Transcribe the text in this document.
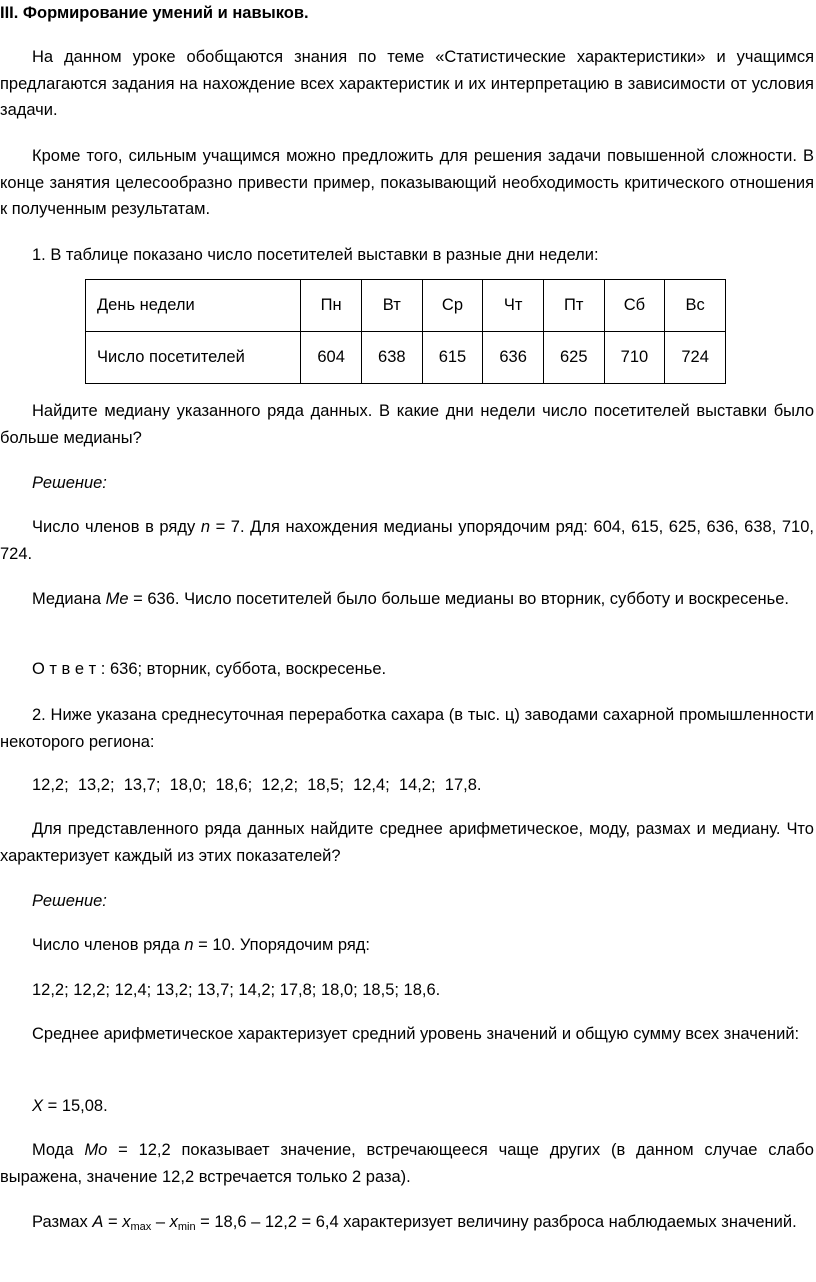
III. Формирование умений и навыков.

На данном уроке обобщаются знания по теме «Статистические характеристики» и учащимся предлагаются задания на нахождение всех характеристик и их интерпретацию в зависимости от условия задачи.

Кроме того, сильным учащимся можно предложить для решения задачи повышенной сложности. В конце занятия целесообразно привести пример, показывающий необходимость критического отношения к полученным результатам.

1. В таблице показано число посетителей выставки в разные дни недели:

День недели	Пн	Вт	Ср	Чт	Пт	Сб	Вс
Число посетителей	604	638	615	636	625	710	724

Найдите медиану указанного ряда данных. В какие дни недели число посетителей выставки было больше медианы?

Решение:

Число членов в ряду n = 7. Для нахождения медианы упорядочим ряд: 604, 615, 625, 636, 638, 710, 724.

Медиана Me = 636. Число посетителей было больше медианы во вторник, субботу и воскресенье.

О т в е т : 636; вторник, суббота, воскресенье.

2. Ниже указана среднесуточная переработка сахара (в тыс. ц) заводами сахарной промышленности некоторого региона:

12,2;  13,2;  13,7;  18,0;  18,6;  12,2;  18,5;  12,4;  14,2;  17,8.

Для представленного ряда данных найдите среднее арифметическое, моду, размах и медиану. Что характеризует каждый из этих показателей?

Решение:

Число членов ряда n = 10. Упорядочим ряд:

12,2; 12,2; 12,4; 13,2; 13,7; 14,2; 17,8; 18,0; 18,5; 18,6.

Среднее арифметическое характеризует средний уровень значений и общую сумму всех значений:

X = 15,08.

Мода Mo = 12,2 показывает значение, встречающееся чаще других (в данном случае слабо выражена, значение 12,2 встречается только 2 раза).

Размах $A = x_{max} - x_{min} = 18,6 - 12,2 = 6,4$ характеризует величину разброса наблюдаемых значений.
